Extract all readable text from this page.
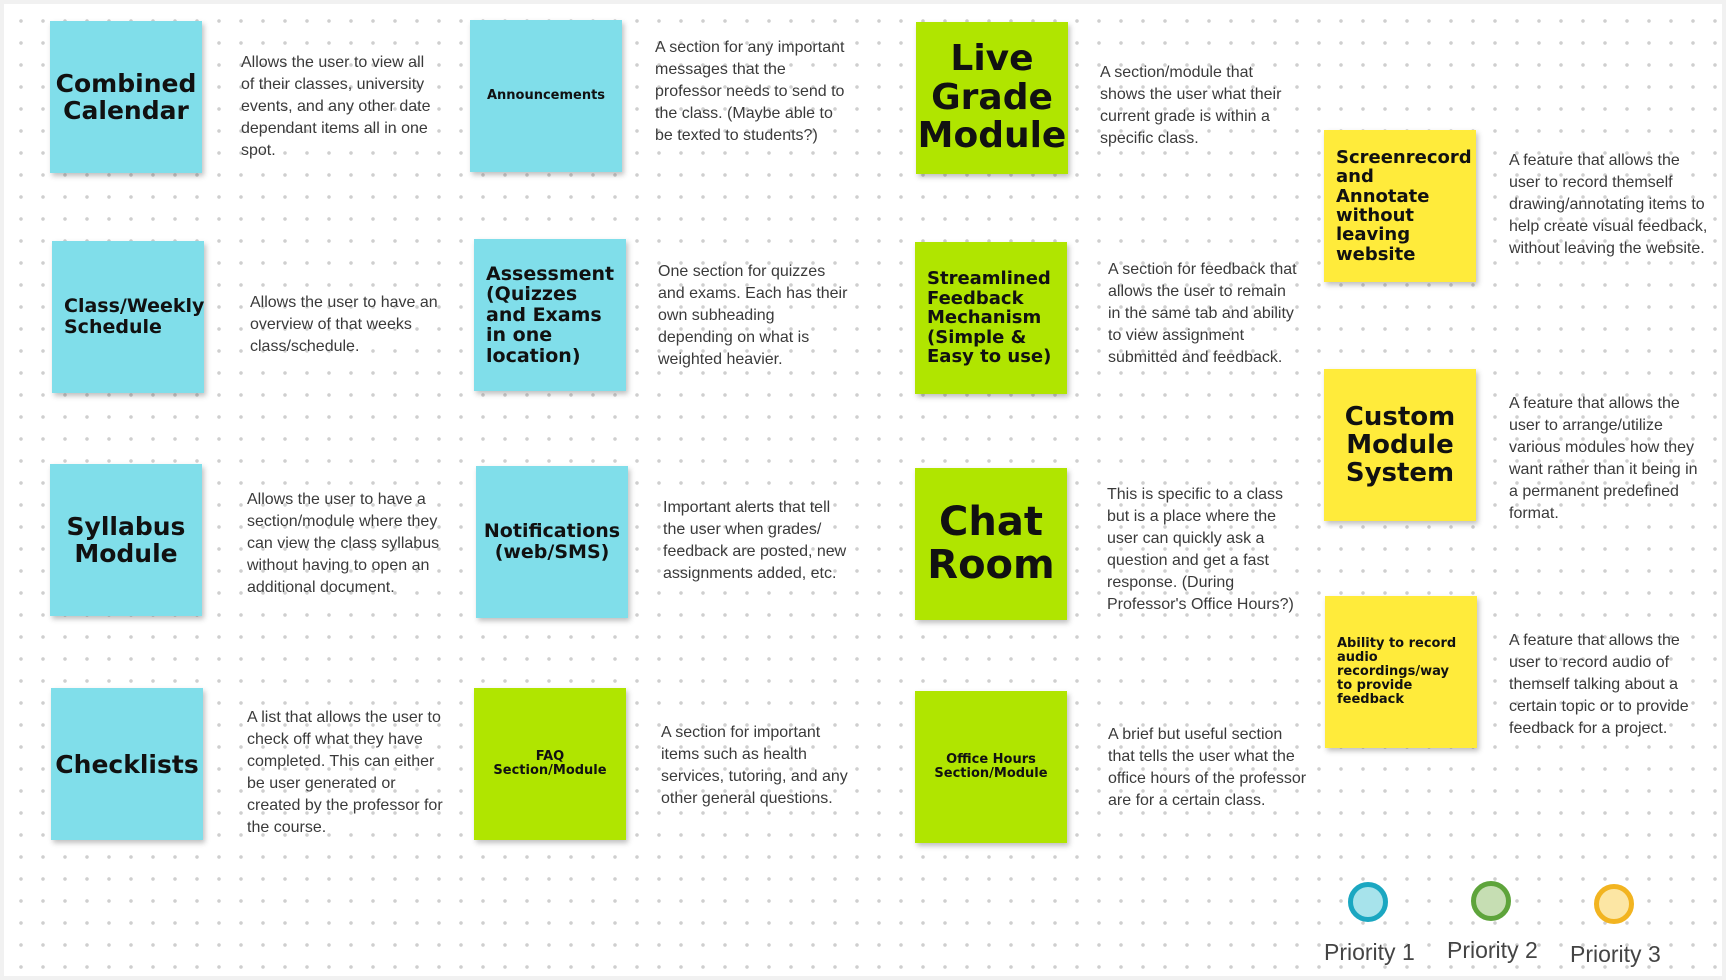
Combined Calendar
Allows the user to view all of their classes, university events, and any other date dependant items all in one spot.
Class/Weekly Schedule
Allows the user to have an overview of that weeks class/schedule.
Syllabus Module
Allows the user to have a section/module where they can view the class syllabus without having to open an additional document.
Checklists
A list that allows the user to check off what they have completed. This can either be user generated or created by the professor for the course.
Announcements
A section for any important messages that the professor needs to send to the class. (Maybe able to be texted to students?)
Assessment (Quizzes and Exams in one location)
One section for quizzes and exams. Each has their own subheading depending on what is weighted heavier.
Notifications (web/SMS)
Important alerts that tell the user when grades/ feedback are posted, new assignments added, etc.
FAQ Section/Module
A section for important items such as health services, tutoring, and any other general questions.
Live Grade Module
A section/module that shows the user what their current grade is within a specific class.
Streamlined Feedback Mechanism (Simple & Easy to use)
A section for feedback that allows the user to remain in the same tab and ability to view assignment submitted and feedback.
Chat Room
This is specific to a class but is a place where the user can quickly ask a question and get a fast response. (During Professor's Office Hours?)
Office Hours Section/Module
A brief but useful section that tells the user what the office hours of the professor are for a certain class.
Screenrecord and Annotate without leaving website
A feature that allows the user to record themself drawing/annotating items to help create visual feedback, without leaving the website.
Custom Module System
A feature that allows the user to arrange/utilize various modules how they want rather than it being in a permanent predefined format.
Ability to record audio recordings/way to provide feedback
A feature that allows the user to record audio of themself talking about a certain topic or to provide feedback for a project.
Priority 1 Priority 2 Priority 3
